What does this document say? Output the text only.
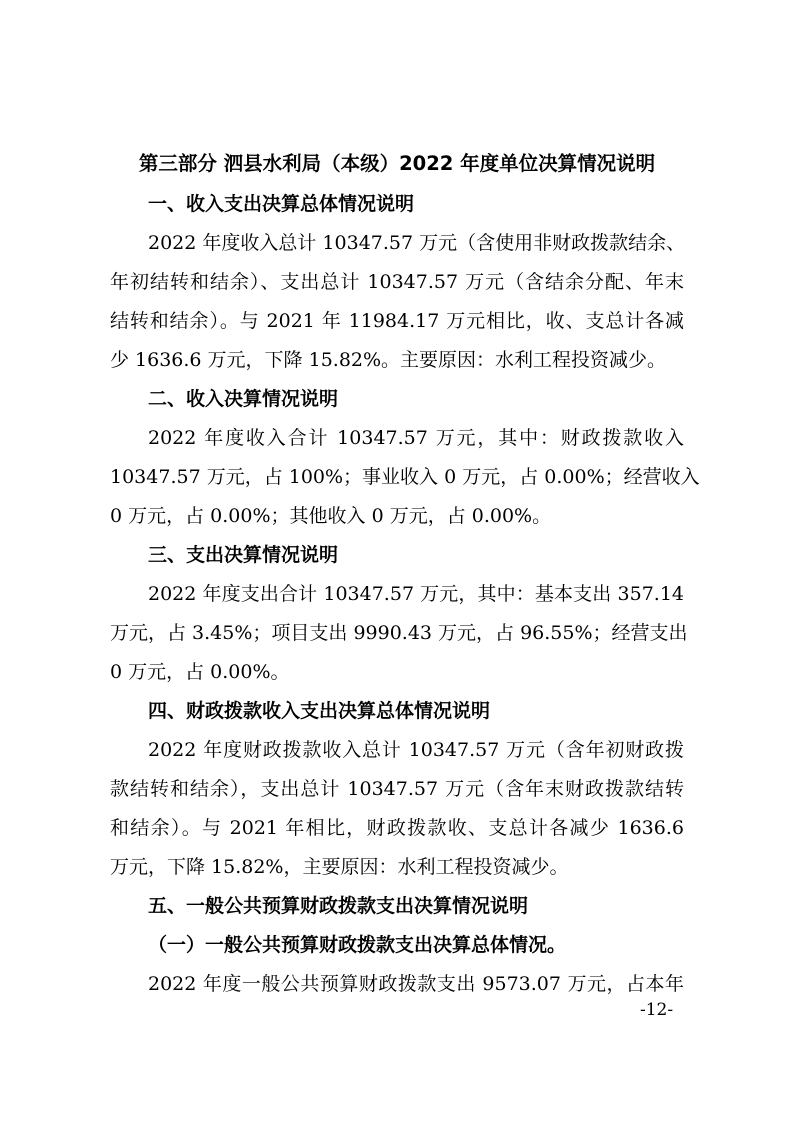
第三部分 泗县水利局（本级）2022 年度单位决算情况说明
一、收入支出决算总体情况说明
2022 年度收入总计 10347.57 万元（含使用非财政拨款结余、
年初结转和结余）、支出总计 10347.57 万元（含结余分配、年末
结转和结余）。与 2021 年 11984.17 万元相比，收、支总计各减
少 1636.6 万元，下降 15.82%。主要原因：水利工程投资减少。
二、收入决算情况说明
2022 年度收入合计 10347.57 万元，其中：财政拨款收入
10347.57 万元，占 100%；事业收入 0 万元，占 0.00%；经营收入
0 万元，占 0.00%；其他收入 0 万元，占 0.00%。
三、支出决算情况说明
2022 年度支出合计 10347.57 万元，其中：基本支出 357.14
万元，占 3.45%；项目支出 9990.43 万元，占 96.55%；经营支出
0 万元，占 0.00%。
四、财政拨款收入支出决算总体情况说明
2022 年度财政拨款收入总计 10347.57 万元（含年初财政拨
款结转和结余），支出总计 10347.57 万元（含年末财政拨款结转
和结余）。与 2021 年相比，财政拨款收、支总计各减少 1636.6
万元，下降 15.82%，主要原因：水利工程投资减少。
五、一般公共预算财政拨款支出决算情况说明
（一）一般公共预算财政拨款支出决算总体情况。
2022 年度一般公共预算财政拨款支出 9573.07 万元，占本年
-12-
